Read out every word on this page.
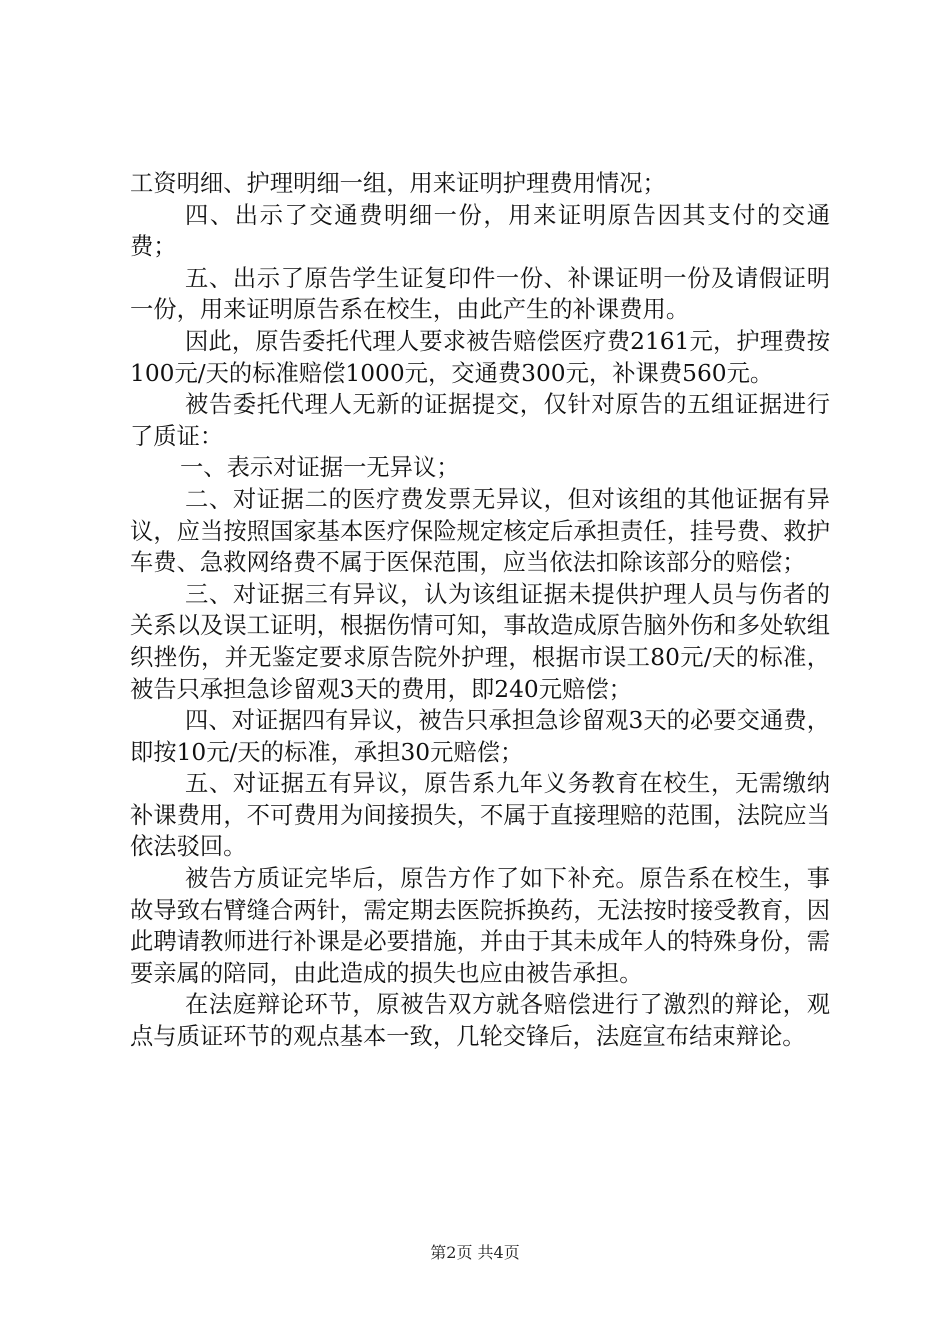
工资明细、护理明细一组，用来证明护理费用情况；

四、出示了交通费明细一份，用来证明原告因其支付的交通费；

五、出示了原告学生证复印件一份、补课证明一份及请假证明一份，用来证明原告系在校生，由此产生的补课费用。

因此，原告委托代理人要求被告赔偿医疗费2161元，护理费按100元/天的标准赔偿1000元，交通费300元，补课费560元。

被告委托代理人无新的证据提交，仅针对原告的五组证据进行了质证：

一、表示对证据一无异议；

二、对证据二的医疗费发票无异议，但对该组的其他证据有异议，应当按照国家基本医疗保险规定核定后承担责任，挂号费、救护车费、急救网络费不属于医保范围，应当依法扣除该部分的赔偿；

三、对证据三有异议，认为该组证据未提供护理人员与伤者的关系以及误工证明，根据伤情可知，事故造成原告脑外伤和多处软组织挫伤，并无鉴定要求原告院外护理，根据市误工80元/天的标准，被告只承担急诊留观3天的费用，即240元赔偿；

四、对证据四有异议，被告只承担急诊留观3天的必要交通费，即按10元/天的标准，承担30元赔偿；

五、对证据五有异议，原告系九年义务教育在校生，无需缴纳补课费用，不可费用为间接损失，不属于直接理赔的范围，法院应当依法驳回。

被告方质证完毕后，原告方作了如下补充。原告系在校生，事故导致右臂缝合两针，需定期去医院拆换药，无法按时接受教育，因此聘请教师进行补课是必要措施，并由于其未成年人的特殊身份，需要亲属的陪同，由此造成的损失也应由被告承担。

在法庭辩论环节，原被告双方就各赔偿进行了激烈的辩论，观点与质证环节的观点基本一致，几轮交锋后，法庭宣布结束辩论。

第2页 共4页
